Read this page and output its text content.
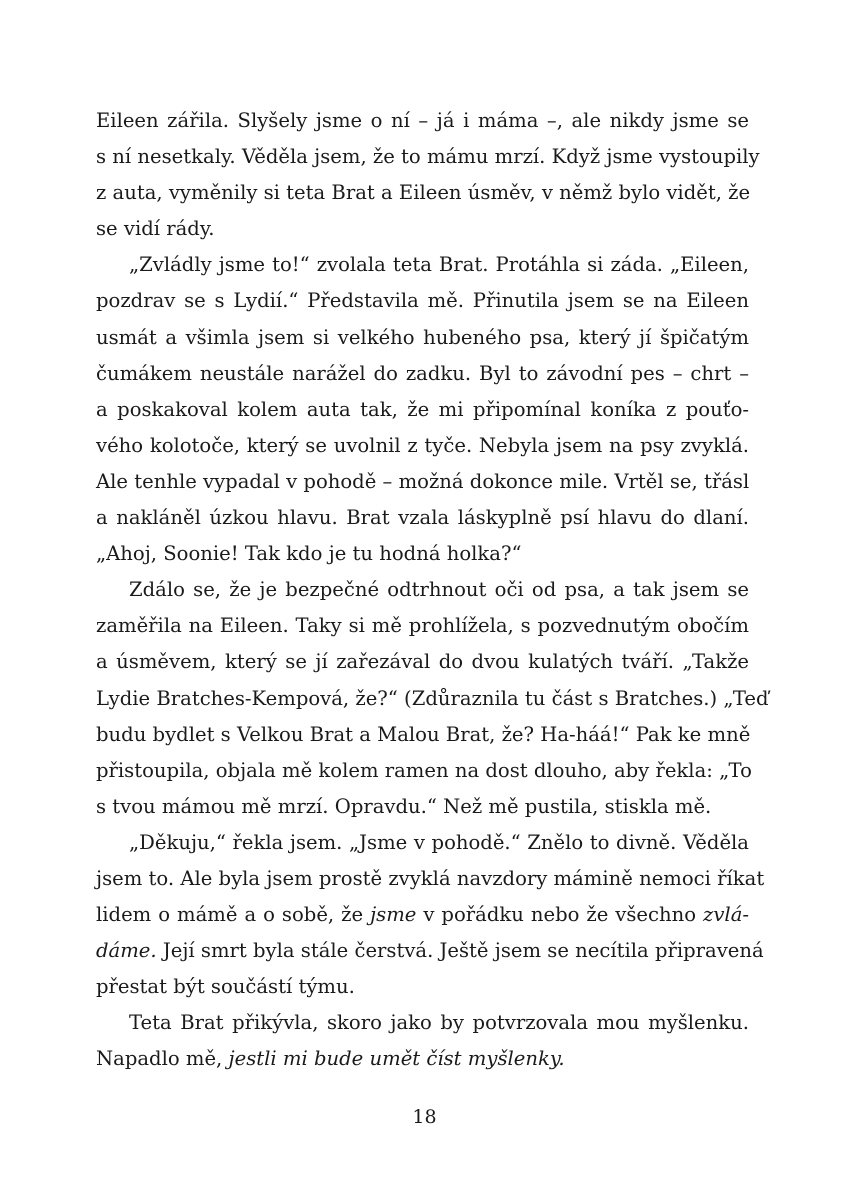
Eileen zářila. Slyšely jsme o ní – já i máma –, ale nikdy jsme se
s ní nesetkaly. Věděla jsem, že to mámu mrzí. Když jsme vystoupily
z auta, vyměnily si teta Brat a Eileen úsměv, v němž bylo vidět, že
se vidí rády.
„Zvládly jsme to!“ zvolala teta Brat. Protáhla si záda. „Eileen,
pozdrav se s Lydií.“ Představila mě. Přinutila jsem se na Eileen
usmát a všimla jsem si velkého hubeného psa, který jí špičatým
čumákem neustále narážel do zadku. Byl to závodní pes – chrt –
a poskakoval kolem auta tak, že mi připomínal koníka z pouťo-
vého kolotoče, který se uvolnil z tyče. Nebyla jsem na psy zvyklá.
Ale tenhle vypadal v pohodě – možná dokonce mile. Vrtěl se, třásl
a nakláněl úzkou hlavu. Brat vzala láskyplně psí hlavu do dlaní.
„Ahoj, Soonie! Tak kdo je tu hodná holka?“
Zdálo se, že je bezpečné odtrhnout oči od psa, a tak jsem se
zaměřila na Eileen. Taky si mě prohlížela, s pozvednutým obočím
a úsměvem, který se jí zařezával do dvou kulatých tváří. „Takže
Lydie Bratches-Kempová, že?“ (Zdůraznila tu část s Bratches.) „Teď
budu bydlet s Velkou Brat a Malou Brat, že? Ha-háá!“ Pak ke mně
přistoupila, objala mě kolem ramen na dost dlouho, aby řekla: „To
s tvou mámou mě mrzí. Opravdu.“ Než mě pustila, stiskla mě.
„Děkuju,“ řekla jsem. „Jsme v pohodě.“ Znělo to divně. Věděla
jsem to. Ale byla jsem prostě zvyklá navzdory mámině nemoci říkat
lidem o mámě a o sobě, že jsme v pořádku nebo že všechno zvlá-
dáme. Její smrt byla stále čerstvá. Ještě jsem se necítila připravená
přestat být součástí týmu.
Teta Brat přikývla, skoro jako by potvrzovala mou myšlenku.
Napadlo mě, jestli mi bude umět číst myšlenky.
18
